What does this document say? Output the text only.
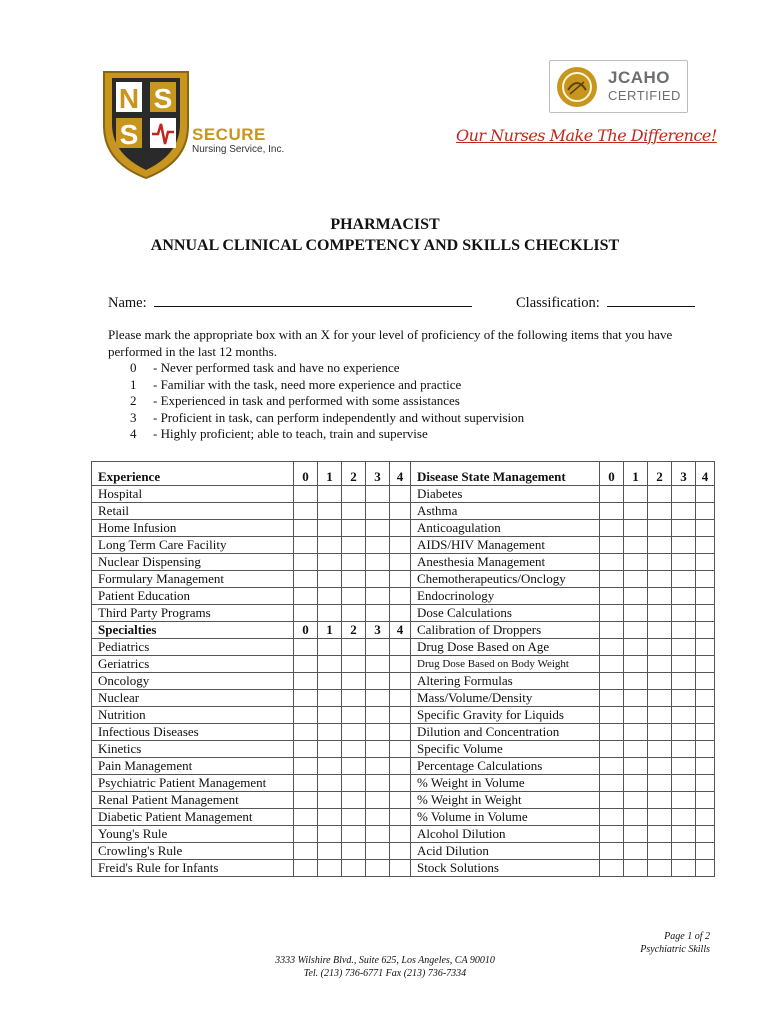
N S
S	SECURE
Nursing Service, Inc.
JCAHO
CERTIFIED
Our Nurses Make The Difference!
PHARMACIST
ANNUAL CLINICAL COMPETENCY AND SKILLS CHECKLIST
Name:	Classification:
Please mark the appropriate box with an X for your level of proficiency of the following items that you have performed in the last 12 months.
0 - Never performed task and have no experience
1 - Familiar with the task, need more experience and practice
2 - Experienced in task and performed with some assistances
3 - Proficient in task, can perform independently and without supervision
4 - Highly proficient; able to teach, train and supervise

Experience	0	1	2	3	4	Disease State Management	0	1	2	3	4
Hospital						Diabetes					
Retail						Asthma					
Home Infusion						Anticoagulation					
Long Term Care Facility						AIDS/HIV Management					
Nuclear Dispensing						Anesthesia Management					
Formulary Management						Chemotherapeutics/Onclogy					
Patient Education						Endocrinology					
Third Party Programs						Dose Calculations					
Specialties	0	1	2	3	4	Calibration of Droppers					
Pediatrics						Drug Dose Based on Age					
Geriatrics						Drug Dose Based on Body Weight					
Oncology						Altering Formulas					
Nuclear						Mass/Volume/Density					
Nutrition						Specific Gravity for Liquids					
Infectious Diseases						Dilution and Concentration					
Kinetics						Specific Volume					
Pain Management						Percentage Calculations					
Psychiatric Patient Management						% Weight in Volume					
Renal Patient Management						% Weight in Weight					
Diabetic Patient Management						% Volume in Volume					
Young's Rule						Alcohol Dilution					
Crowling's Rule						Acid Dilution					
Freid's Rule for Infants						Stock Solutions					
Page 1 of 2
Psychiatric Skills
3333 Wilshire Blvd., Suite 625, Los Angeles, CA 90010
Tel. (213) 736-6771 Fax (213) 736-7334
